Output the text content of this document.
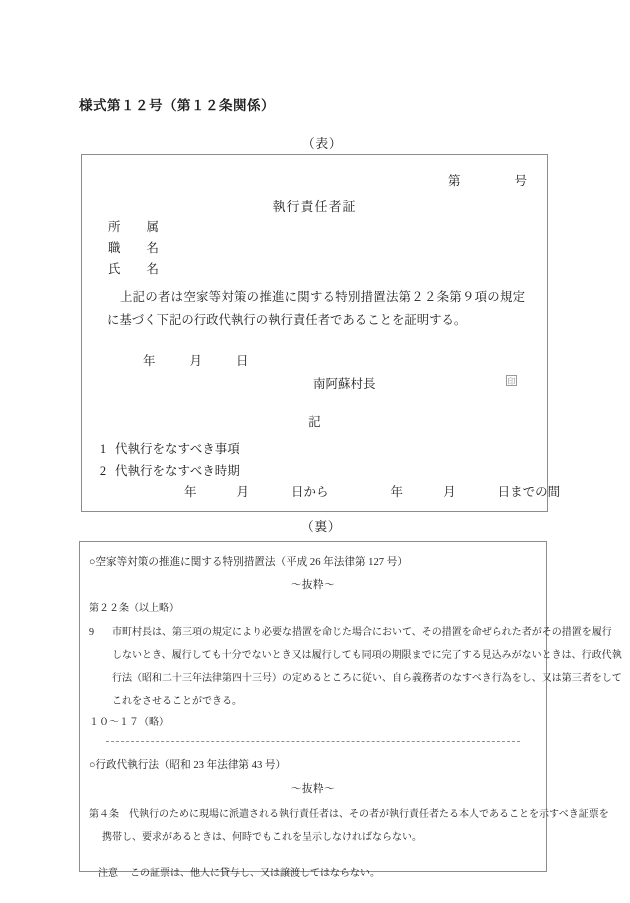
様式第１２号（第１２条関係）
（表）
第	号
執行責任者証
所 属
職 名
氏 名
上記の者は空家等対策の推進に関する特別措置法第２２条第９項の規定に基づく下記の行政代執行の執行責任者であることを証明する。
年	月	日
南阿蘇村長	印
記
1 代執行をなすべき事項
2 代執行をなすべき時期
年	月	日から	年	月	日までの間
（裏）
○空家等対策の推進に関する特別措置法（平成 26 年法律第 127 号）
〜抜粋〜
第２２条（以上略）
9 市町村長は、第三項の規定により必要な措置を命じた場合において、その措置を命ぜられた者がその措置を履行
しないとき、履行しても十分でないとき又は履行しても同項の期限までに完了する見込みがないときは、行政代執
行法（昭和二十三年法律第四十三号）の定めるところに従い、自ら義務者のなすべき行為をし、又は第三者をして
これをさせることができる。
１０〜１７（略）
○行政代執行法（昭和 23 年法律第 43 号）
〜抜粋〜
第４条　代執行のために現場に派遣される執行責任者は、その者が執行責任者たる本人であることを示すべき証票を
携帯し、要求があるときは、何時でもこれを呈示しなければならない。
注意 この証票は、他人に貸与し、又は譲渡してはならない。
